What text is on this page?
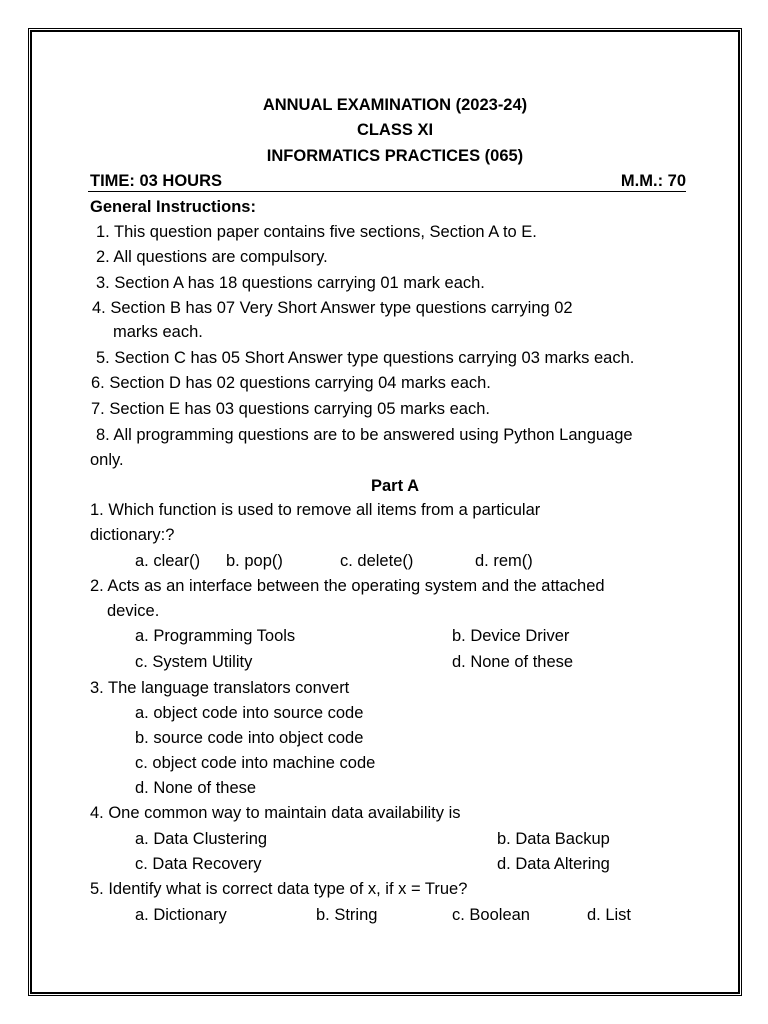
ANNUAL EXAMINATION (2023-24)
CLASS XI
INFORMATICS PRACTICES (065)
TIME: 03 HOURS	M.M.: 70
General Instructions:
1. This question paper contains five sections, Section A to E.
2. All questions are compulsory.
3. Section A has 18 questions carrying 01 mark each.
4. Section B has 07 Very Short Answer type questions carrying 02
marks each.
5. Section C has 05 Short Answer type questions carrying 03 marks each.
6. Section D has 02 questions carrying 04 marks each.
7. Section E has 03 questions carrying 05 marks each.
8. All programming questions are to be answered using Python Language
only.
Part A
1. Which function is used to remove all items from a particular
dictionary:?
a. clear() b. pop()	c. delete()	d. rem()
2. Acts as an interface between the operating system and the attached
device.
a. Programming Tools	b. Device Driver
c. System Utility	d. None of these
3. The language translators convert
a. object code into source code
b. source code into object code
c. object code into machine code
d. None of these
4. One common way to maintain data availability is
a. Data Clustering	b. Data Backup
c. Data Recovery	d. Data Altering
5. Identify what is correct data type of x, if x = True?
a. Dictionary	b. String	c. Boolean	d. List
